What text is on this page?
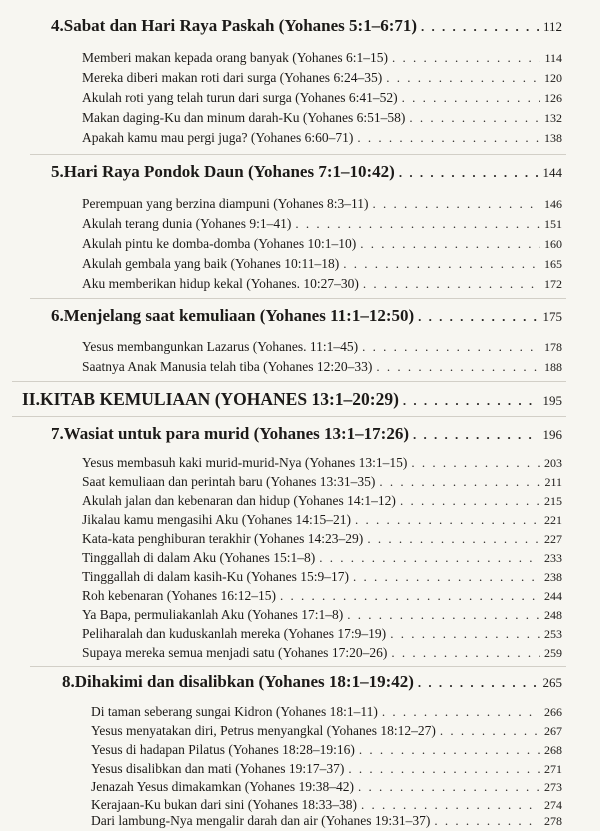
4. Sabat dan Hari Raya Paskah (Yohanes 5:1–6:71) . . .	112
Memberi makan kepada orang banyak (Yohanes 6:1–15) . . .	114
Mereka diberi makan roti dari surga (Yohanes 6:24–35) . . .	120
Akulah roti yang telah turun dari surga (Yohanes 6:41–52) . . .	126
Makan daging-Ku dan minum darah-Ku (Yohanes 6:51–58) . . .	132
Apakah kamu mau pergi juga? (Yohanes 6:60–71) . . .	138
5. Hari Raya Pondok Daun (Yohanes 7:1–10:42) . . .	144
Perempuan yang berzina diampuni (Yohanes 8:3–11) . . .	146
Akulah terang dunia (Yohanes 9:1–41) . . .	151
Akulah pintu ke domba-domba (Yohanes 10:1–10) . . .	160
Akulah gembala yang baik (Yohanes 10:11–18) . . .	165
Aku memberikan hidup kekal (Yohanes. 10:27–30) . . .	172
6. Menjelang saat kemuliaan (Yohanes 11:1–12:50) . . .	175
Yesus membangunkan Lazarus (Yohanes. 11:1–45) . . .	178
Saatnya Anak Manusia telah tiba (Yohanes 12:20–33) . . .	188
II. KITAB KEMULIAAN (YOHANES 13:1–20:29) . . .	195
7. Wasiat untuk para murid (Yohanes 13:1–17:26) . . .	196
Yesus membasuh kaki murid-murid-Nya (Yohanes 13:1–15) . . .	203
Saat kemuliaan dan perintah baru (Yohanes 13:31–35) . . .	211
Akulah jalan dan kebenaran dan hidup (Yohanes 14:1–12) . . .	215
Jikalau kamu mengasihi Aku (Yohanes 14:15–21) . . .	221
Kata-kata penghiburan terakhir (Yohanes 14:23–29) . . .	227
Tinggallah di dalam Aku (Yohanes 15:1–8) . . .	233
Tinggallah di dalam kasih-Ku (Yohanes 15:9–17) . . .	238
Roh kebenaran (Yohanes 16:12–15) . . .	244
Ya Bapa, permuliakanlah Aku (Yohanes 17:1–8) . . .	248
Peliharalah dan kuduskanlah mereka (Yohanes 17:9–19) . . .	253
Supaya mereka semua menjadi satu (Yohanes 17:20–26) . . .	259
8. Dihakimi dan disalibkan (Yohanes 18:1–19:42) . . .	265
Di taman seberang sungai Kidron (Yohanes 18:1–11) . . .	266
Yesus menyatakan diri, Petrus menyangkal (Yohanes 18:12–27) . . .	267
Yesus di hadapan Pilatus (Yohanes 18:28–19:16) . . .	268
Yesus disalibkan dan mati (Yohanes 19:17–37) . . .	271
Jenazah Yesus dimakamkan (Yohanes 19:38–42) . . .	273
Kerajaan-Ku bukan dari sini (Yohanes 18:33–38) . . .	274
Dari lambung-Nya mengalir darah dan air (Yohanes 19:31–37) . . .	278
